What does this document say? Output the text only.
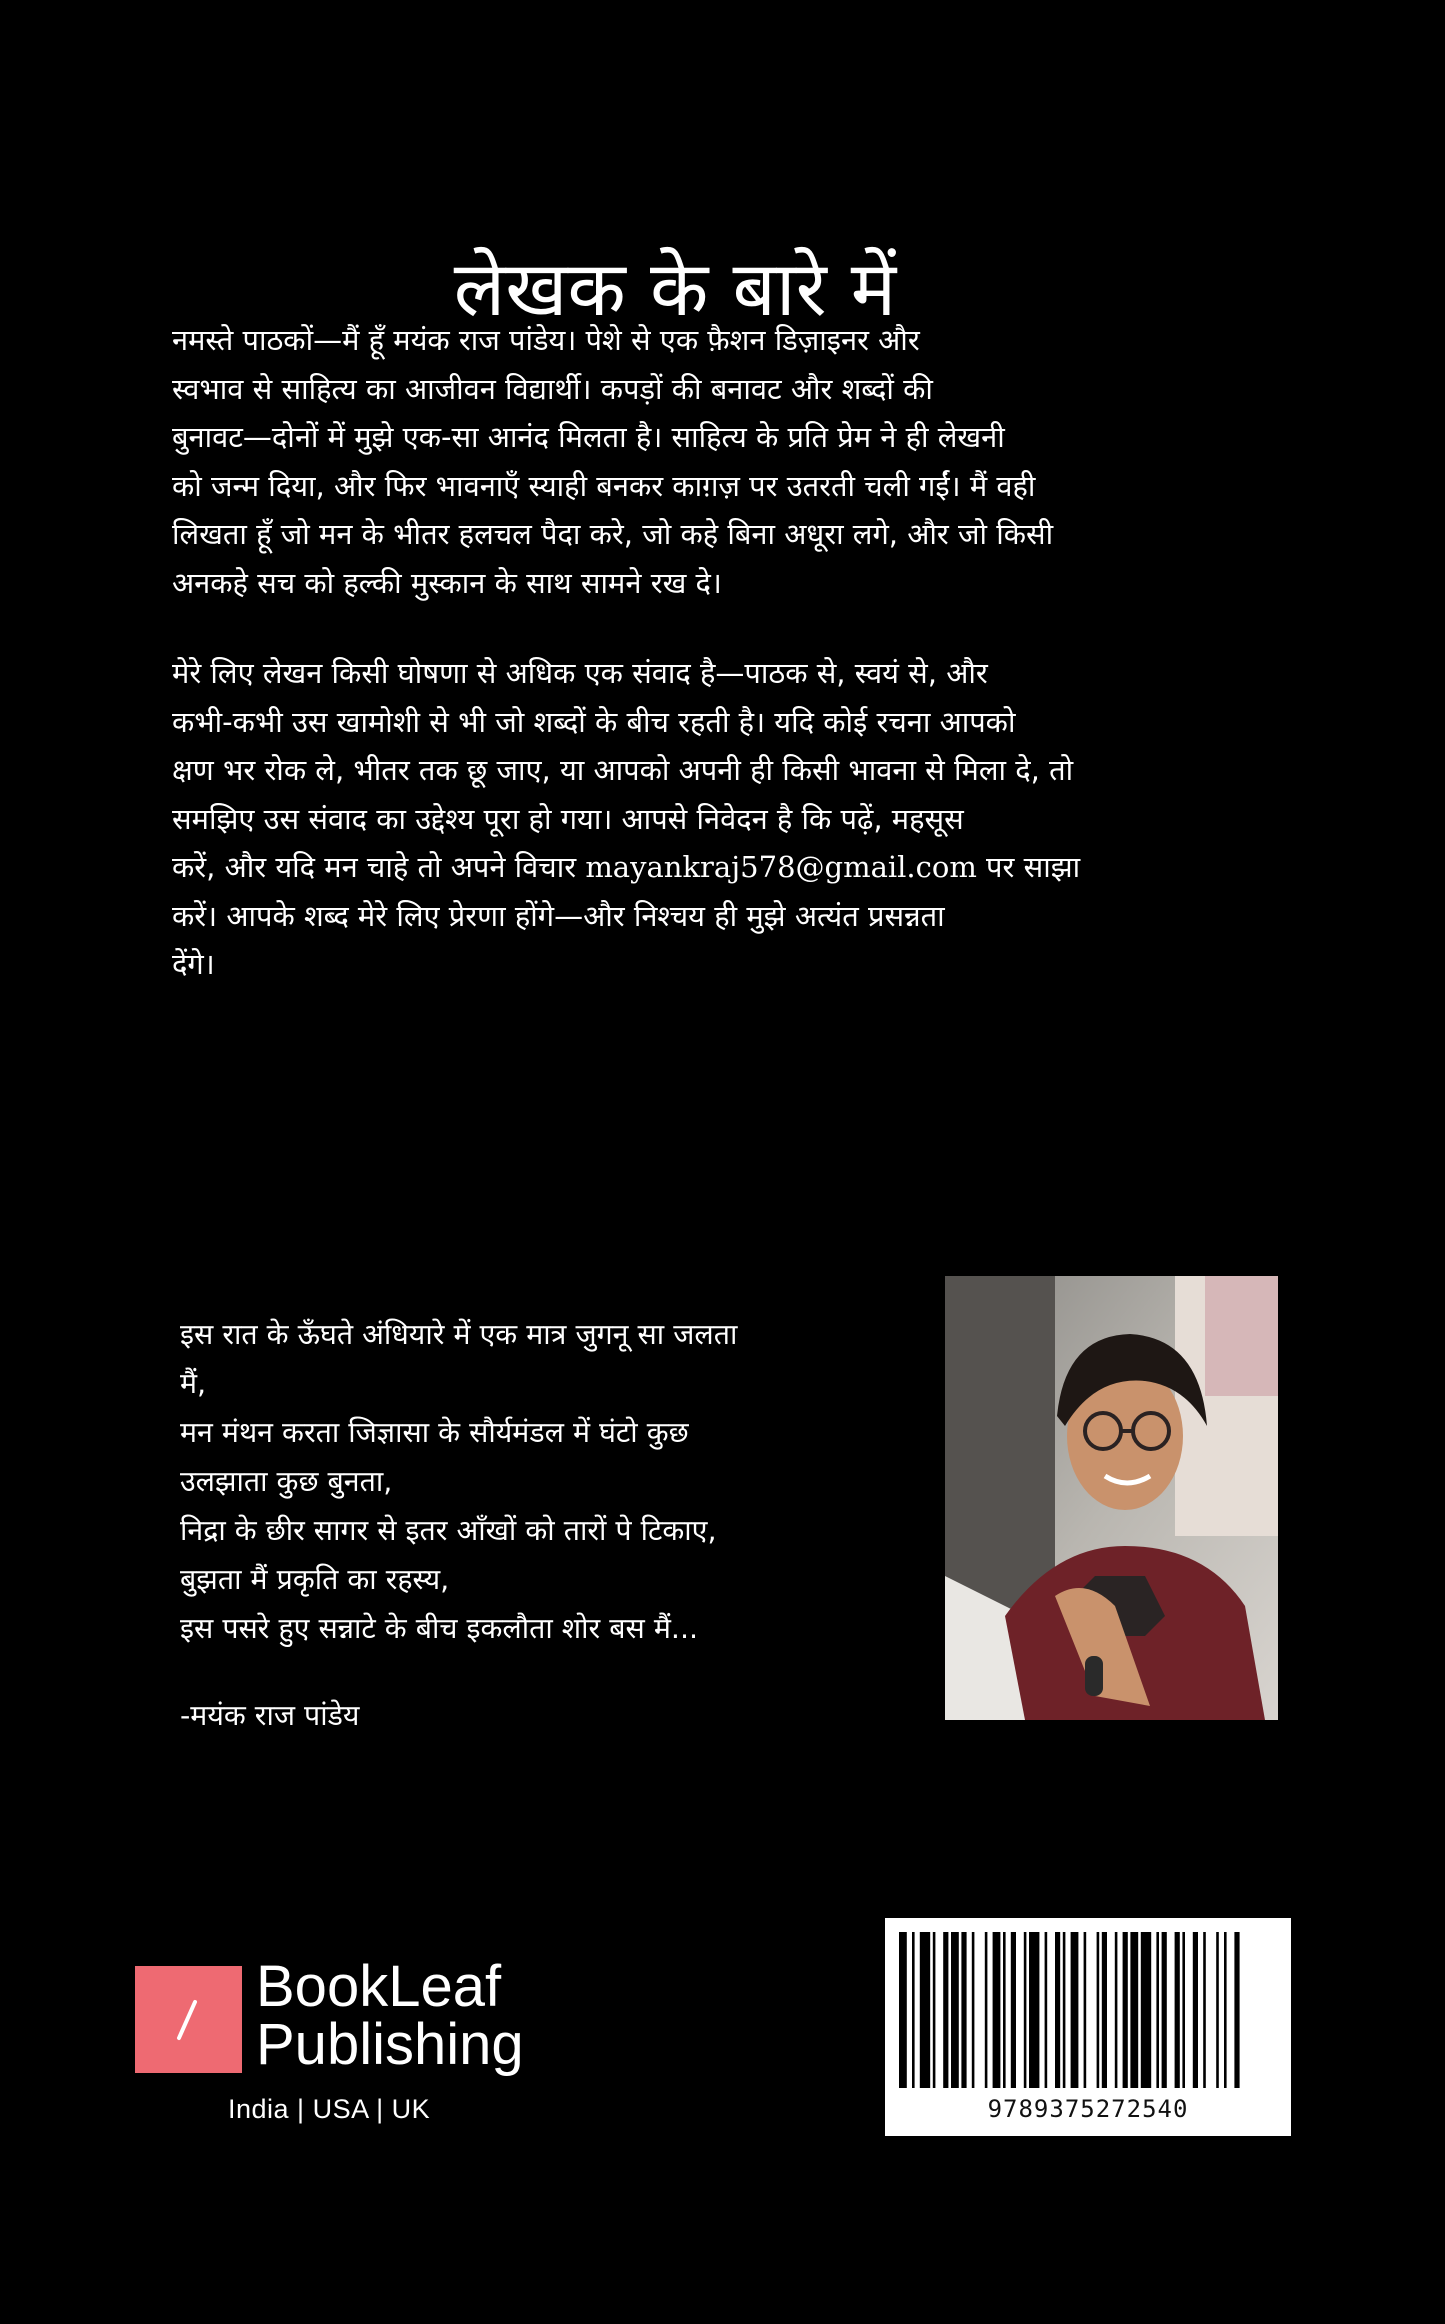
लेखक के बारे में

नमस्ते पाठकों—मैं हूँ मयंक राज पांडेय। पेशे से एक फ़ैशन डिज़ाइनर और
स्वभाव से साहित्य का आजीवन विद्यार्थी। कपड़ों की बनावट और शब्दों की
बुनावट—दोनों में मुझे एक-सा आनंद मिलता है। साहित्य के प्रति प्रेम ने ही लेखनी
को जन्म दिया, और फिर भावनाएँ स्याही बनकर काग़ज़ पर उतरती चली गईं। मैं वही
लिखता हूँ जो मन के भीतर हलचल पैदा करे, जो कहे बिना अधूरा लगे, और जो किसी
अनकहे सच को हल्की मुस्कान के साथ सामने रख दे।

मेरे लिए लेखन किसी घोषणा से अधिक एक संवाद है—पाठक से, स्वयं से, और
कभी-कभी उस खामोशी से भी जो शब्दों के बीच रहती है। यदि कोई रचना आपको
क्षण भर रोक ले, भीतर तक छू जाए, या आपको अपनी ही किसी भावना से मिला दे, तो
समझिए उस संवाद का उद्देश्य पूरा हो गया। आपसे निवेदन है कि पढ़ें, महसूस
करें, और यदि मन चाहे तो अपने विचार mayankraj578@gmail.com पर साझा
करें। आपके शब्द मेरे लिए प्रेरणा होंगे—और निश्चय ही मुझे अत्यंत प्रसन्नता
देंगे।

इस रात के ऊँघते अंधियारे में एक मात्र जुगनू सा जलता
मैं,
मन मंथन करता जिज्ञासा के सौर्यमंडल में घंटो कुछ
उलझाता कुछ बुनता,
निद्रा के छीर सागर से इतर आँखों को तारों पे टिकाए,
बुझता मैं प्रकृति का रहस्य,
इस पसरे हुए सन्नाटे के बीच इकलौता शोर बस मैं...
-मयंक राज पांडेय
BookLeaf
Publishing
India | USA | UK	9789375272540
